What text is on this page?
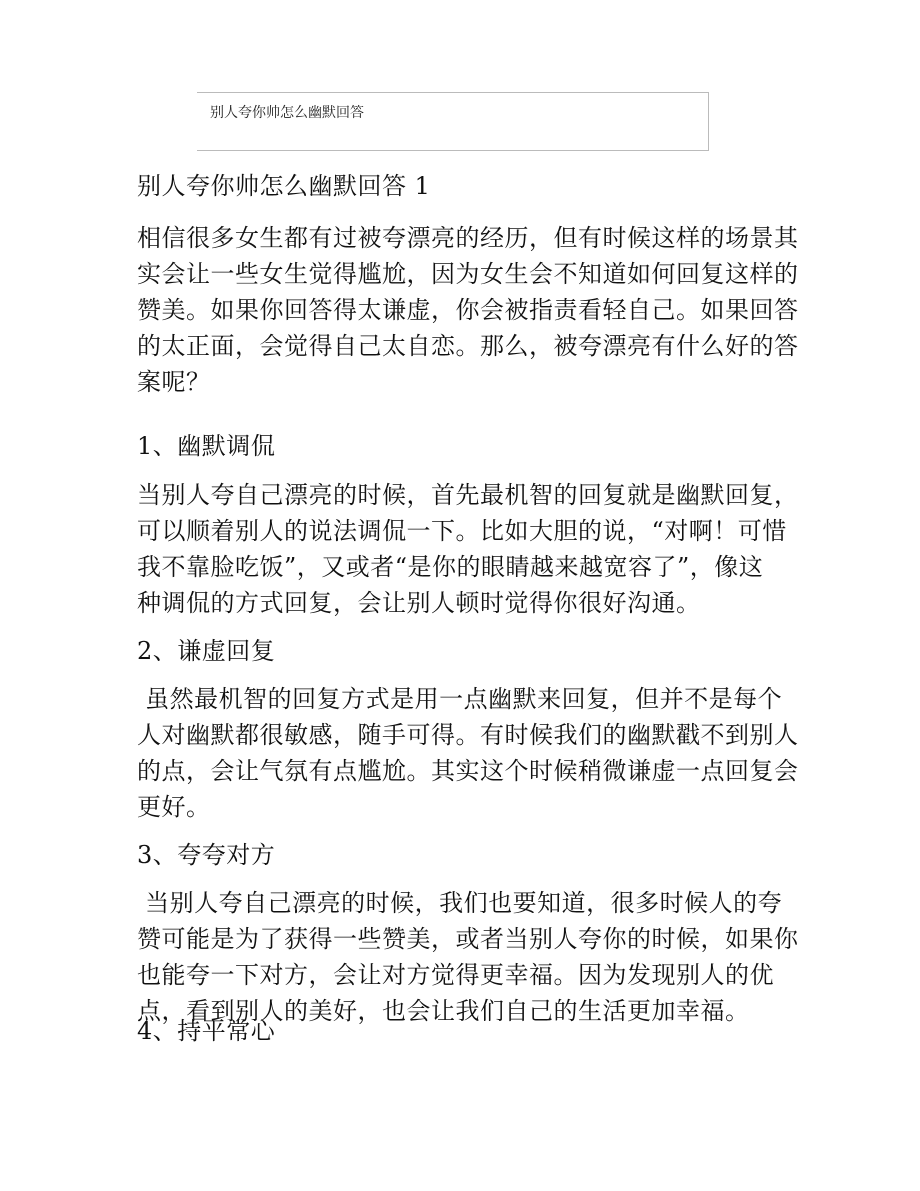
别人夸你帅怎么幽默回答
别人夸你帅怎么幽默回答 1
相信很多女生都有过被夸漂亮的经历，但有时候这样的场景其
实会让一些女生觉得尴尬，因为女生会不知道如何回复这样的
赞美。如果你回答得太谦虚，你会被指责看轻自己。如果回答
的太正面，会觉得自己太自恋。那么，被夸漂亮有什么好的答
案呢？
1、幽默调侃
当别人夸自己漂亮的时候，首先最机智的回复就是幽默回复，
可以顺着别人的说法调侃一下。比如大胆的说，“对啊！可惜
我不靠脸吃饭”，又或者“是你的眼睛越来越宽容了”，像这
种调侃的方式回复，会让别人顿时觉得你很好沟通。
2、谦虚回复
虽然最机智的回复方式是用一点幽默来回复，但并不是每个
人对幽默都很敏感，随手可得。有时候我们的幽默戳不到别人
的点，会让气氛有点尴尬。其实这个时候稍微谦虚一点回复会
更好。
3、夸夸对方
当别人夸自己漂亮的时候，我们也要知道，很多时候人的夸
赞可能是为了获得一些赞美，或者当别人夸你的时候，如果你
也能夸一下对方，会让对方觉得更幸福。因为发现别人的优
点，看到别人的美好，也会让我们自己的生活更加幸福。
4、持平常心
